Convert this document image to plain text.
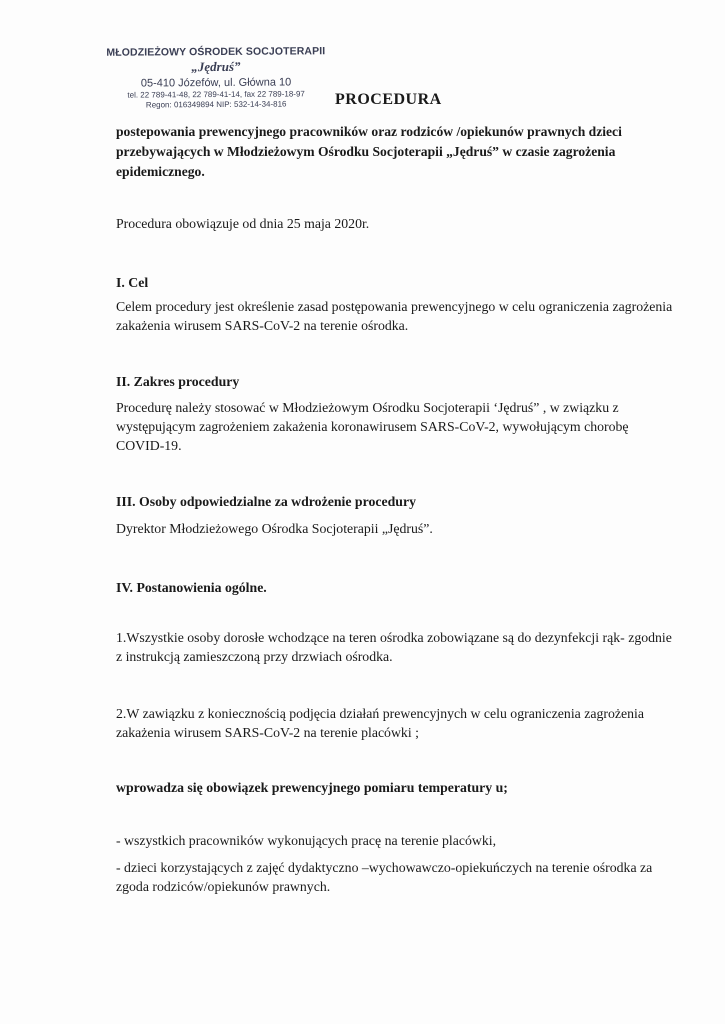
MŁODZIEŻOWY OŚRODEK SOCJOTERAPII
„Jędruś”
05-410 Józefów, ul. Główna 10
tel. 22 789-41-48, 22 789-41-14, fax 22 789-18-97
Regon: 016349894 NIP: 532-14-34-816	PROCEDURA
postepowania prewencyjnego pracowników oraz rodziców /opiekunów prawnych dzieci przebywających w Młodzieżowym Ośrodku Socjoterapii „Jędruś” w czasie zagrożenia epidemicznego.
Procedura obowiązuje od dnia 25 maja 2020r.
I. Cel
Celem procedury jest określenie zasad postępowania prewencyjnego w celu ograniczenia zagrożenia zakażenia wirusem SARS-CoV-2 na terenie ośrodka.
II. Zakres procedury
Procedurę należy stosować w Młodzieżowym Ośrodku Socjoterapii ‘Jędruś” , w związku z występującym zagrożeniem zakażenia koronawirusem SARS-CoV-2, wywołującym chorobę COVID-19.
III. Osoby odpowiedzialne za wdrożenie procedury
Dyrektor Młodzieżowego Ośrodka Socjoterapii „Jędruś”.
IV. Postanowienia ogólne.
1.Wszystkie osoby dorosłe wchodzące na teren ośrodka zobowiązane są do dezynfekcji rąk- zgodnie z instrukcją zamieszczoną przy drzwiach ośrodka.
2.W zawiązku z koniecznością podjęcia działań prewencyjnych w celu ograniczenia zagrożenia zakażenia wirusem SARS-CoV-2 na terenie placówki ;
wprowadza się obowiązek prewencyjnego pomiaru temperatury u;
- wszystkich pracowników wykonujących pracę na terenie placówki,
- dzieci korzystających z zajęć dydaktyczno –wychowawczo-opiekuńczych na terenie ośrodka za zgoda rodziców/opiekunów prawnych.
